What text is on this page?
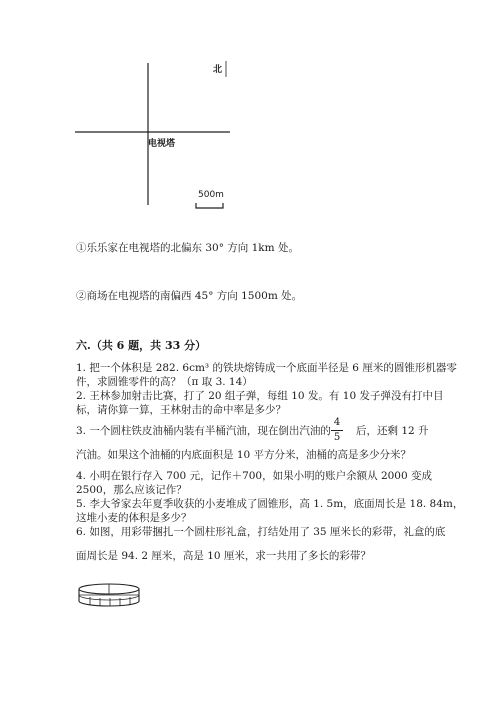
北
电视塔
500m
①乐乐家在电视塔的北偏东 30° 方向 1km 处。
②商场在电视塔的南偏西 45° 方向 1500m 处。
六.（共 6 题，共 33 分）
1. 把一个体积是 282. 6cm³ 的铁块熔铸成一个底面半径是 6 厘米的圆锥形机器零
件，求圆锥零件的高？（π 取 3. 14）
2. 王林参加射击比赛，打了 20 组子弹，每组 10 发。有 10 发子弹没有打中目
标，请你算一算，王林射击的命中率是多少？
3. 一个圆柱铁皮油桶内装有半桶汽油，现在倒出汽油的
4
5
后，还剩 12 升
汽油。如果这个油桶的内底面积是 10 平方分米，油桶的高是多少分米？
4. 小明在银行存入 700 元，记作＋700，如果小明的账户余额从 2000 变成
2500，那么应该记作？
5. 李大爷家去年夏季收获的小麦堆成了圆锥形，高 1. 5m，底面周长是 18. 84m，
这堆小麦的体积是多少？
6. 如图，用彩带捆扎一个圆柱形礼盒，打结处用了 35 厘米长的彩带，礼盒的底
面周长是 94. 2 厘米，高是 10 厘米，求一共用了多长的彩带？
